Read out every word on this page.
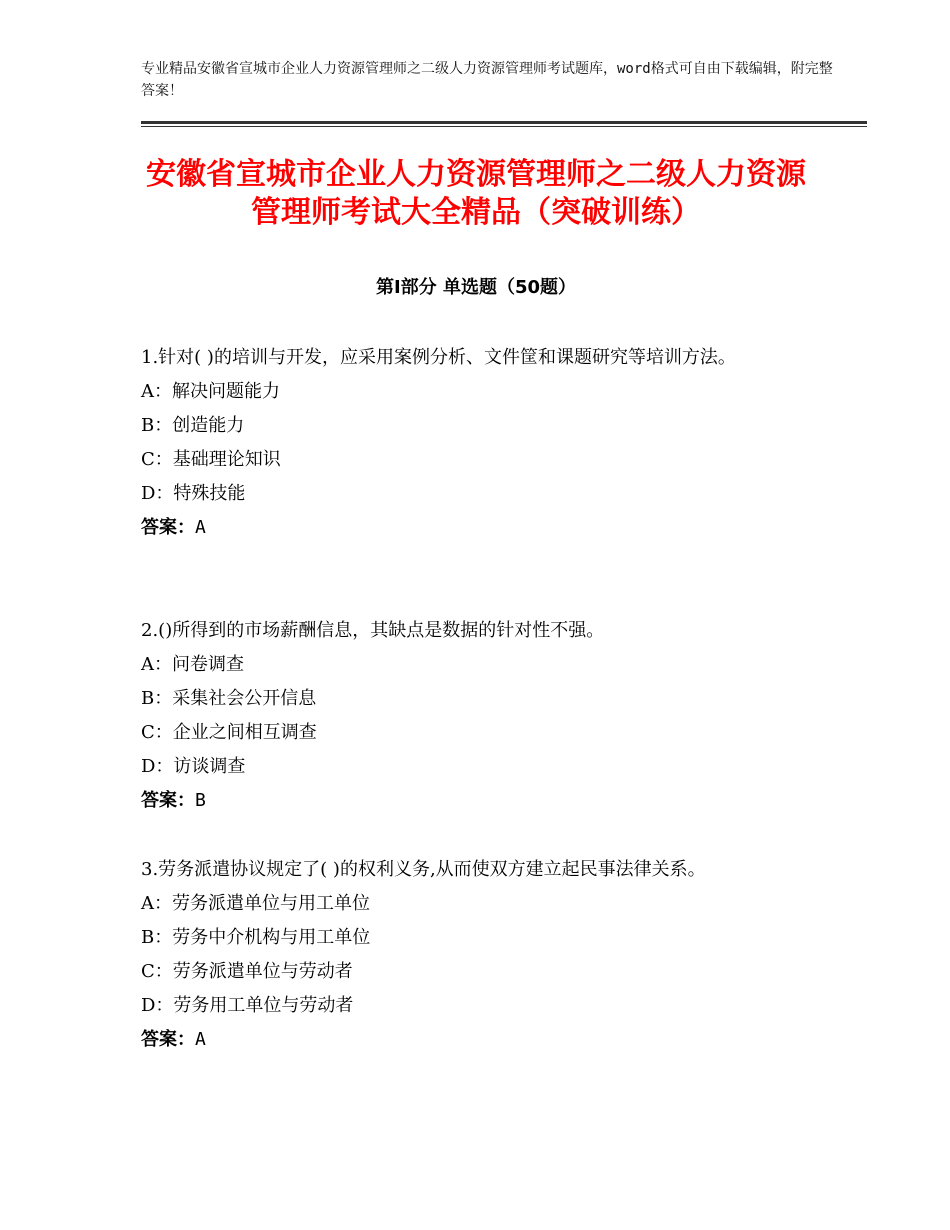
专业精品安徽省宣城市企业人力资源管理师之二级人力资源管理师考试题库，word格式可自由下载编辑，附完整答案！
安徽省宣城市企业人力资源管理师之二级人力资源管理师考试大全精品（突破训练）
第Ⅰ部分 单选题（50题）

1.针对( )的培训与开发，应采用案例分析、文件筐和课题研究等培训方法。

A：解决问题能力

B：创造能力

C：基础理论知识

D：特殊技能

答案：A

2.()所得到的市场薪酬信息，其缺点是数据的针对性不强。

A：问卷调查

B：采集社会公开信息

C：企业之间相互调查

D：访谈调查

答案：B

3.劳务派遣协议规定了( )的权利义务,从而使双方建立起民事法律关系。

A：劳务派遣单位与用工单位

B：劳务中介机构与用工单位

C：劳务派遣单位与劳动者

D：劳务用工单位与劳动者

答案：A
